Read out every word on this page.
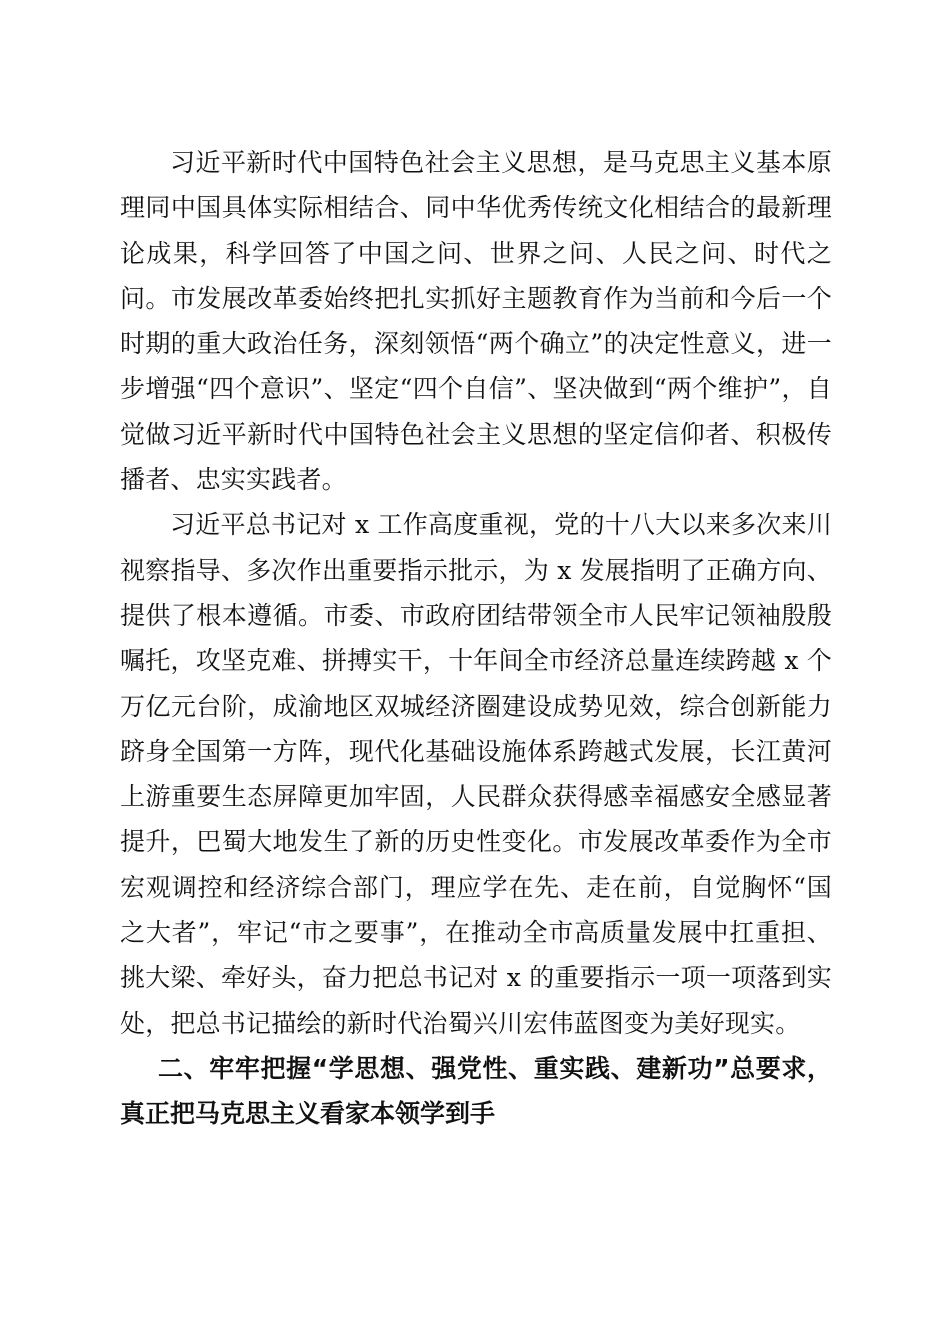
习近平新时代中国特色社会主义思想，是马克思主义基本原理同中国具体实际相结合、同中华优秀传统文化相结合的最新理论成果，科学回答了中国之问、世界之问、人民之问、时代之问。市发展改革委始终把扎实抓好主题教育作为当前和今后一个时期的重大政治任务，深刻领悟“两个确立”的决定性意义，进一步增强“四个意识”、坚定“四个自信”、坚决做到“两个维护”，自觉做习近平新时代中国特色社会主义思想的坚定信仰者、积极传播者、忠实实践者。

习近平总书记对 x 工作高度重视，党的十八大以来多次来川视察指导、多次作出重要指示批示，为 x 发展指明了正确方向、提供了根本遵循。市委、市政府团结带领全市人民牢记领袖殷殷嘱托，攻坚克难、拼搏实干，十年间全市经济总量连续跨越 x 个万亿元台阶，成渝地区双城经济圈建设成势见效，综合创新能力跻身全国第一方阵，现代化基础设施体系跨越式发展，长江黄河上游重要生态屏障更加牢固，人民群众获得感幸福感安全感显著提升，巴蜀大地发生了新的历史性变化。市发展改革委作为全市宏观调控和经济综合部门，理应学在先、走在前，自觉胸怀“国之大者”，牢记“市之要事”，在推动全市高质量发展中扛重担、挑大梁、牵好头，奋力把总书记对 x 的重要指示一项一项落到实处，把总书记描绘的新时代治蜀兴川宏伟蓝图变为美好现实。

二、牢牢把握“学思想、强党性、重实践、建新功”总要求，真正把马克思主义看家本领学到手
